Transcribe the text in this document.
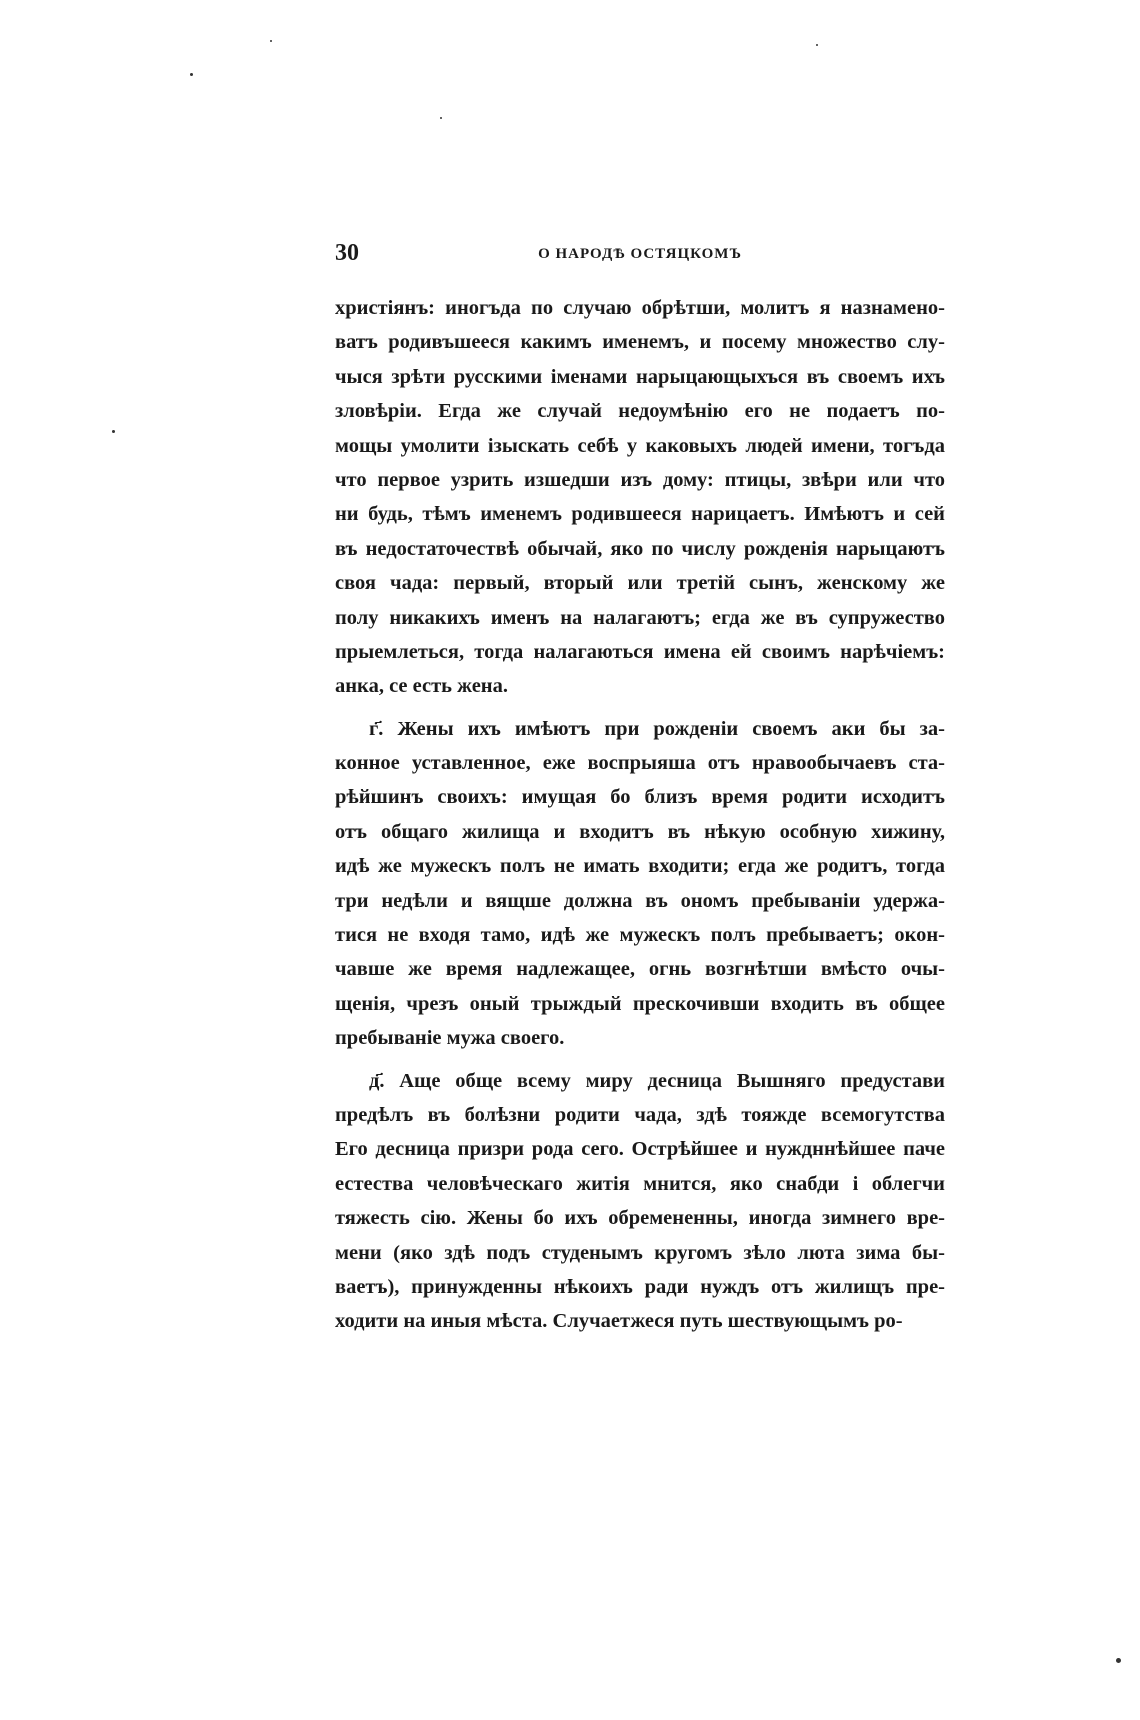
30	О НАРОДѢ ОСТЯЦКОМЪ
христіянъ: иногъда по случаю обрѣтши, молитъ я назнамено-
ватъ родивъшееся какимъ именемъ, и посему множество слу-
чыся зрѣти русскими іменами нарыцающыхъся въ своемъ ихъ
зловѣріи. Егда же случай недоумѣнію его не подаетъ по-
мощы умолити ізыскать себѣ у каковыхъ людей имени, тогъда
что первое узрить изшедши изъ дому: птицы, звѣри или что
ни будь, тѣмъ именемъ родившееся нарицаетъ. Имѣютъ и сей
въ недостаточествѣ обычай, яко по числу рожденія нарыцаютъ
своя чада: первый, вторый или третій сынъ, женскому же
полу никакихъ именъ на налагаютъ; егда же въ супружество
прыемлеться, тогда налагаються имена ей своимъ нарѣчіемъ:
анка, се есть жена.
г҃. Жены ихъ имѣютъ при рожденіи своемъ аки бы за-
конное уставленное, еже воспрыяша отъ нравообычаевъ ста-
рѣйшинъ своихъ: имущая бо близъ время родити исходитъ
отъ общаго жилища и входитъ въ нѣкую особную хижину,
идѣ же мужескъ полъ не имать входити; егда же родитъ, тогда
три недѣли и вящше должна въ ономъ пребываніи удержа-
тися не входя тамо, идѣ же мужескъ полъ пребываетъ; окон-
чавше же время надлежащее, огнь возгнѣтши вмѣсто очы-
щенія, чрезъ оный трыждый прескочивши входить въ общее
пребываніе мужа своего.
д҃. Аще обще всему миру десница Вышняго предустави
предѣлъ въ болѣзни родити чада, здѣ тояжде всемогутства
Его десница призри рода сего. Острѣйшее и нуждннѣйшее паче
естества человѣческаго житія мнится, яко снабди і облегчи
тяжесть сію. Жены бо ихъ обремененны, иногда зимнего вре-
мени (яко здѣ подъ студенымъ кругомъ зѣло люта зима бы-
ваетъ), принужденны нѣкоихъ ради нуждъ отъ жилищъ пре-
ходити на иныя мѣста. Случаетжеся путь шествующымъ ро-
